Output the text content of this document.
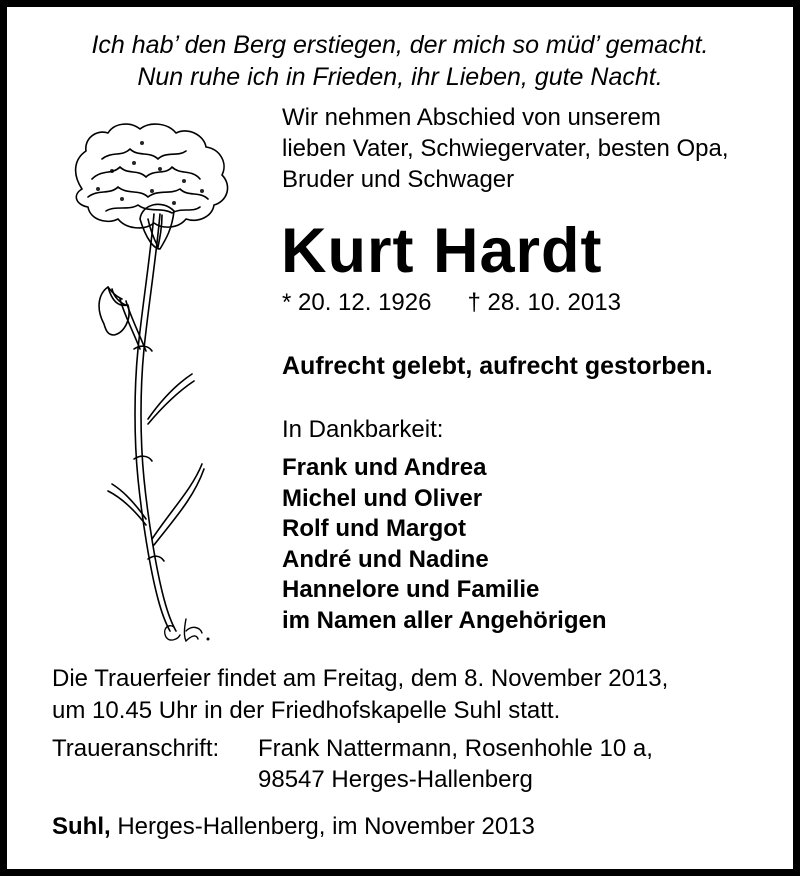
Ich hab’ den Berg erstiegen, der mich so müd’ gemacht.
Nun ruhe ich in Frieden, ihr Lieben, gute Nacht.
Wir nehmen Abschied von unserem
lieben Vater, Schwiegervater, besten Opa,
Bruder und Schwager
Kurt Hardt
* 20. 12. 1926 † 28. 10. 2013
Aufrecht gelebt, aufrecht gestorben.
In Dankbarkeit:
Frank und Andrea
Michel und Oliver
Rolf und Margot
André und Nadine
Hannelore und Familie
im Namen aller Angehörigen
Die Trauerfeier findet am Freitag, dem 8. November 2013,
um 10.45 Uhr in der Friedhofskapelle Suhl statt.
Traueranschrift: Frank Nattermann, Rosenhohle 10 a,
98547 Herges-Hallenberg
Suhl, Herges-Hallenberg, im November 2013
